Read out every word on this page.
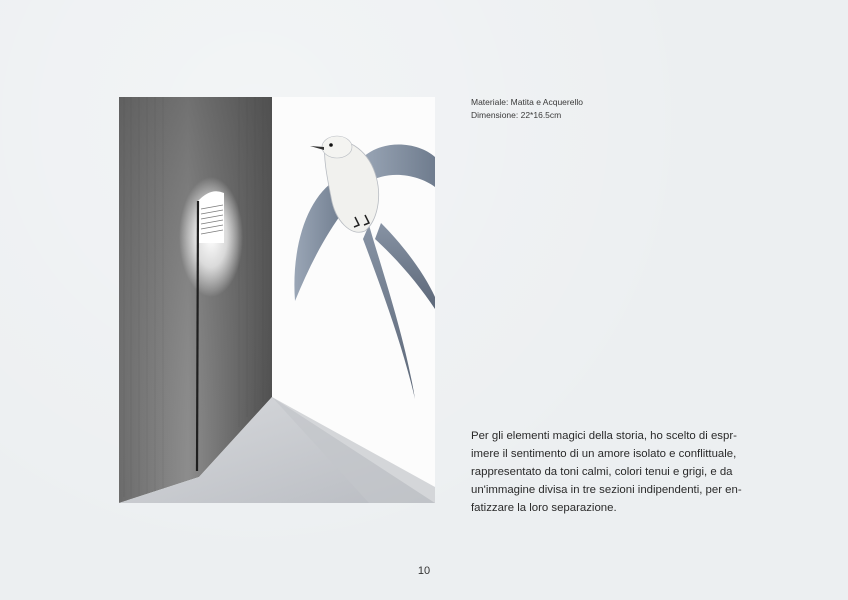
Materiale: Matita e Acquerello
Dimensione: 22*16.5cm
Per gli elementi magici della storia, ho scelto di espr-
imere il sentimento di un amore isolato e conflittuale,
rappresentato da toni calmi, colori tenui e grigi, e da
un'immagine divisa in tre sezioni indipendenti, per en-
fatizzare la loro separazione.
10
